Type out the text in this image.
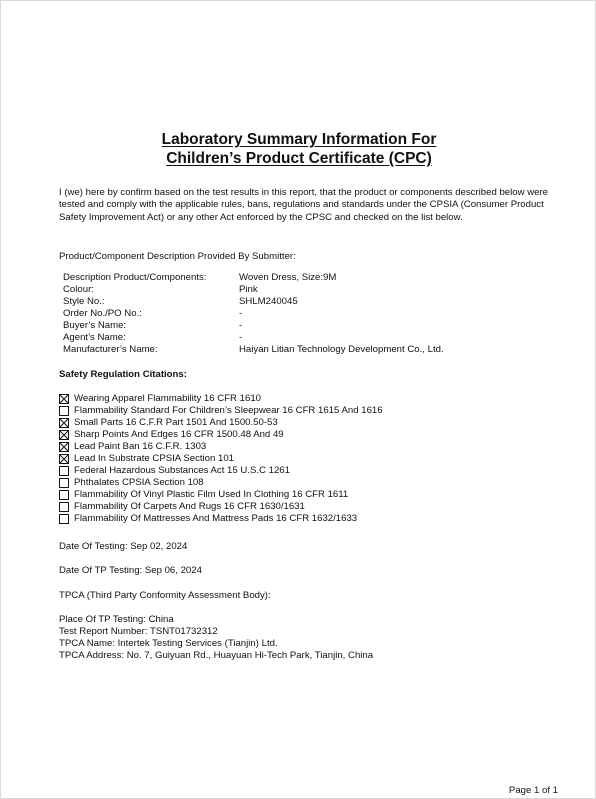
Laboratory Summary Information For
Children’s Product Certificate (CPC)
I (we) here by confirm based on the test results in this report, that the product or components described below were tested and comply with the applicable rules, bans, regulations and standards under the CPSIA (Consumer Product Safety Improvement Act) or any other Act enforced by the CPSC and checked on the list below.
Product/Component Description Provided By Submitter:
Description Product/Components:	Woven Dress, Size:9M
Colour:	Pink
Style No.:	SHLM240045
Order No./PO No.:	-
Buyer’s Name:	-
Agent’s Name:	-
Manufacturer’s Name:	Haiyan Litian Technology Development Co., Ltd.
Safety Regulation Citations:
Wearing Apparel Flammability 16 CFR 1610
Flammability Standard For Children’s Sleepwear 16 CFR 1615 And 1616
Small Parts 16 C.F.R Part 1501 And 1500.50-53
Sharp Points And Edges 16 CFR 1500.48 And 49
Lead Paint Ban 16 C.F.R. 1303
Lead In Substrate CPSIA Section 101
Federal Hazardous Substances Act 15 U.S.C 1261
Phthalates CPSIA Section 108
Flammability Of Vinyl Plastic Film Used In Clothing 16 CFR 1611
Flammability Of Carpets And Rugs 16 CFR 1630/1631
Flammability Of Mattresses And Mattress Pads 16 CFR 1632/1633
Date Of Testing: Sep 02, 2024
Date Of TP Testing: Sep 06, 2024
TPCA (Third Party Conformity Assessment Body):
Place Of TP Testing: China
Test Report Number: TSNT01732312
TPCA Name: Intertek Testing Services (Tianjin) Ltd.
TPCA Address: No. 7, Guiyuan Rd., Huayuan Hi-Tech Park, Tianjin, China
Page 1 of 1
